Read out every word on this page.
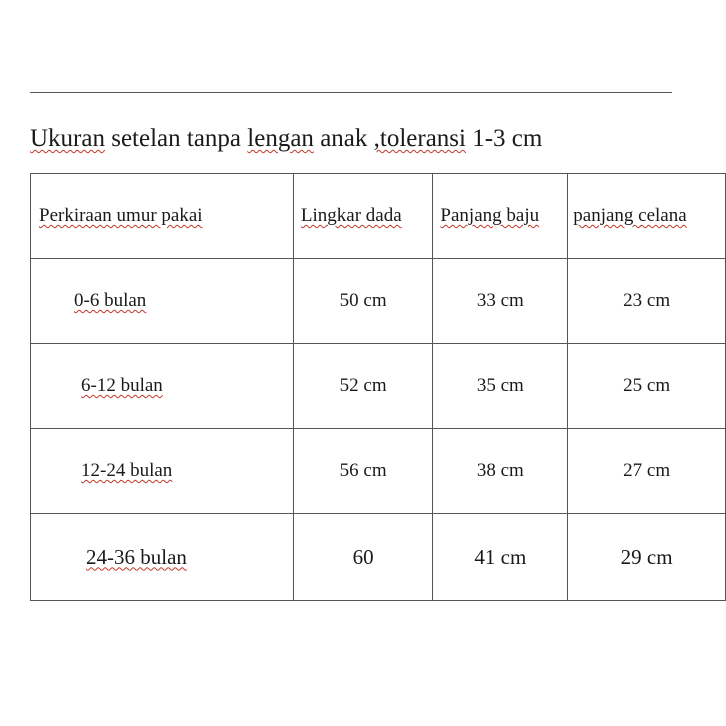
Ukuran setelan tanpa lengan anak ,toleransi 1-3 cm
Perkiraan umur pakai	Lingkar dada	Panjang baju	panjang celana
0-6 bulan	50 cm	33 cm	23 cm
6-12 bulan	52 cm	35 cm	25 cm
12-24 bulan	56 cm	38 cm	27 cm
24-36 bulan	60	41 cm	29 cm
